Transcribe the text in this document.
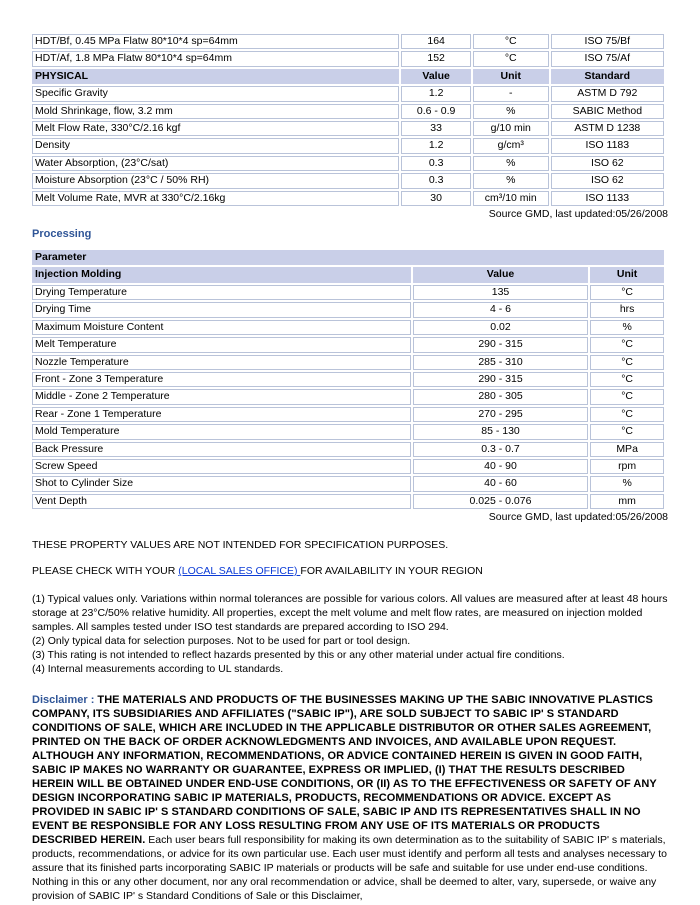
HDT/Bf, 0.45 MPa Flatw 80*10*4 sp=64mm	164	°C	ISO 75/Bf
HDT/Af, 1.8 MPa Flatw 80*10*4 sp=64mm	152	°C	ISO 75/Af
PHYSICAL	Value	Unit	Standard
Specific Gravity	1.2	-	ASTM D 792
Mold Shrinkage, flow, 3.2 mm	0.6 - 0.9	%	SABIC Method
Melt Flow Rate, 330°C/2.16 kgf	33	g/10 min	ASTM D 1238
Density	1.2	g/cm³	ISO 1183
Water Absorption, (23°C/sat)	0.3	%	ISO 62
Moisture Absorption (23°C / 50% RH)	0.3	%	ISO 62
Melt Volume Rate, MVR at 330°C/2.16kg	30	cm³/10 min	ISO 1133
Source GMD, last updated:05/26/2008
Processing
Parameter		
Injection Molding	Value	Unit
Drying Temperature	135	°C
Drying Time	4 - 6	hrs
Maximum Moisture Content	0.02	%
Melt Temperature	290 - 315	°C
Nozzle Temperature	285 - 310	°C
Front - Zone 3 Temperature	290 - 315	°C
Middle - Zone 2 Temperature	280 - 305	°C
Rear - Zone 1 Temperature	270 - 295	°C
Mold Temperature	85 - 130	°C
Back Pressure	0.3 - 0.7	MPa
Screw Speed	40 - 90	rpm
Shot to Cylinder Size	40 - 60	%
Vent Depth	0.025 - 0.076	mm
Source GMD, last updated:05/26/2008
THESE PROPERTY VALUES ARE NOT INTENDED FOR SPECIFICATION PURPOSES.
PLEASE CHECK WITH YOUR (LOCAL SALES OFFICE) FOR AVAILABILITY IN YOUR REGION
(1) Typical values only. Variations within normal tolerances are possible for various colors. All values are measured after at least 48 hours storage at 23°C/50% relative humidity. All properties, except the melt volume and melt flow rates, are measured on injection molded samples. All samples tested under ISO test standards are prepared according to ISO 294.
(2) Only typical data for selection purposes. Not to be used for part or tool design.
(3) This rating is not intended to reflect hazards presented by this or any other material under actual fire conditions.
(4) Internal measurements according to UL standards.
Disclaimer : THE MATERIALS AND PRODUCTS OF THE BUSINESSES MAKING UP THE SABIC INNOVATIVE PLASTICS COMPANY, ITS SUBSIDIARIES AND AFFILIATES ("SABIC IP"), ARE SOLD SUBJECT TO SABIC IP' S STANDARD CONDITIONS OF SALE, WHICH ARE INCLUDED IN THE APPLICABLE DISTRIBUTOR OR OTHER SALES AGREEMENT, PRINTED ON THE BACK OF ORDER ACKNOWLEDGMENTS AND INVOICES, AND AVAILABLE UPON REQUEST. ALTHOUGH ANY INFORMATION, RECOMMENDATIONS, OR ADVICE CONTAINED HEREIN IS GIVEN IN GOOD FAITH, SABIC IP MAKES NO WARRANTY OR GUARANTEE, EXPRESS OR IMPLIED, (I) THAT THE RESULTS DESCRIBED HEREIN WILL BE OBTAINED UNDER END-USE CONDITIONS, OR (II) AS TO THE EFFECTIVENESS OR SAFETY OF ANY DESIGN INCORPORATING SABIC IP MATERIALS, PRODUCTS, RECOMMENDATIONS OR ADVICE. EXCEPT AS PROVIDED IN SABIC IP' S STANDARD CONDITIONS OF SALE, SABIC IP AND ITS REPRESENTATIVES SHALL IN NO EVENT BE RESPONSIBLE FOR ANY LOSS RESULTING FROM ANY USE OF ITS MATERIALS OR PRODUCTS DESCRIBED HEREIN. Each user bears full responsibility for making its own determination as to the suitability of SABIC IP' s materials, products, recommendations, or advice for its own particular use. Each user must identify and perform all tests and analyses necessary to assure that its finished parts incorporating SABIC IP materials or products will be safe and suitable for use under end-use conditions. Nothing in this or any other document, nor any oral recommendation or advice, shall be deemed to alter, vary, supersede, or waive any provision of SABIC IP' s Standard Conditions of Sale or this Disclaimer,
